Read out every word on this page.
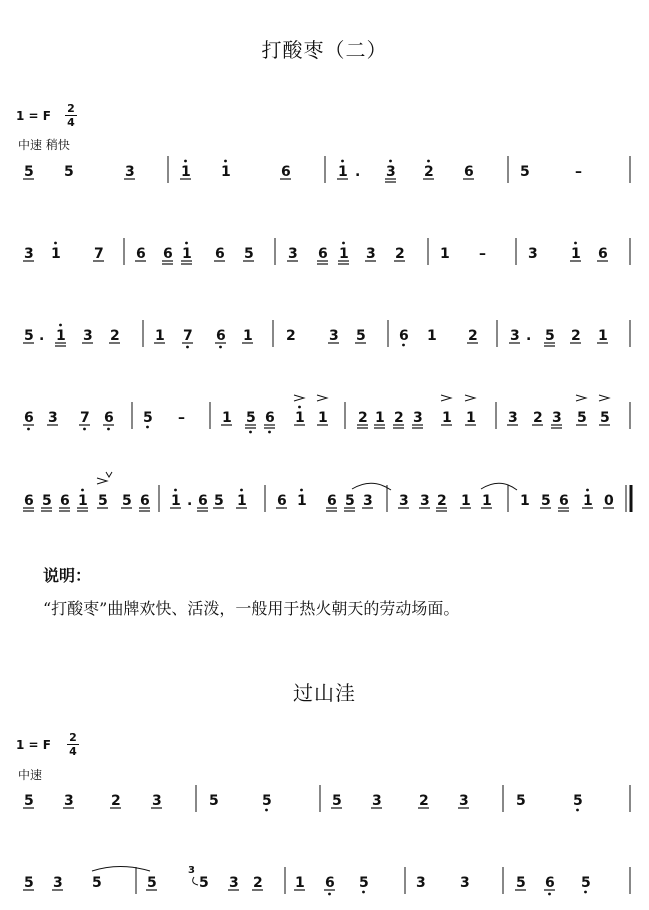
打酸枣（二）
1 = F
2
4
中速 稍快
说明：
“打酸枣”曲牌欢快、活泼，一般用于热火朝天的劳动场面。
过山洼
1 = F
2
4
中速
3
5 5	3	1 1	6	1 . 3 2 6	5	–
3 1 7 6 6 1 6 5 3 6 1 3 2	1 –	3 1 6
5 . 1 3 2	1 7 6 1 2 3 5 6 1 2 3 . 5 2 1
6 3 7 6 5 –	1 5 6 1 1 2 1 2 3 1 1 3 2 3 5 5
6 5 6 1 5 5 6 1 . 6 5 1 6 1 6 5 3 3 3 2 1 1 1 5 6 1 0
5 3	2 3	5	5	5 3	2 3	5	5
5 3 5	5	5 3 2 1 6 5	3 3	5 6 5
